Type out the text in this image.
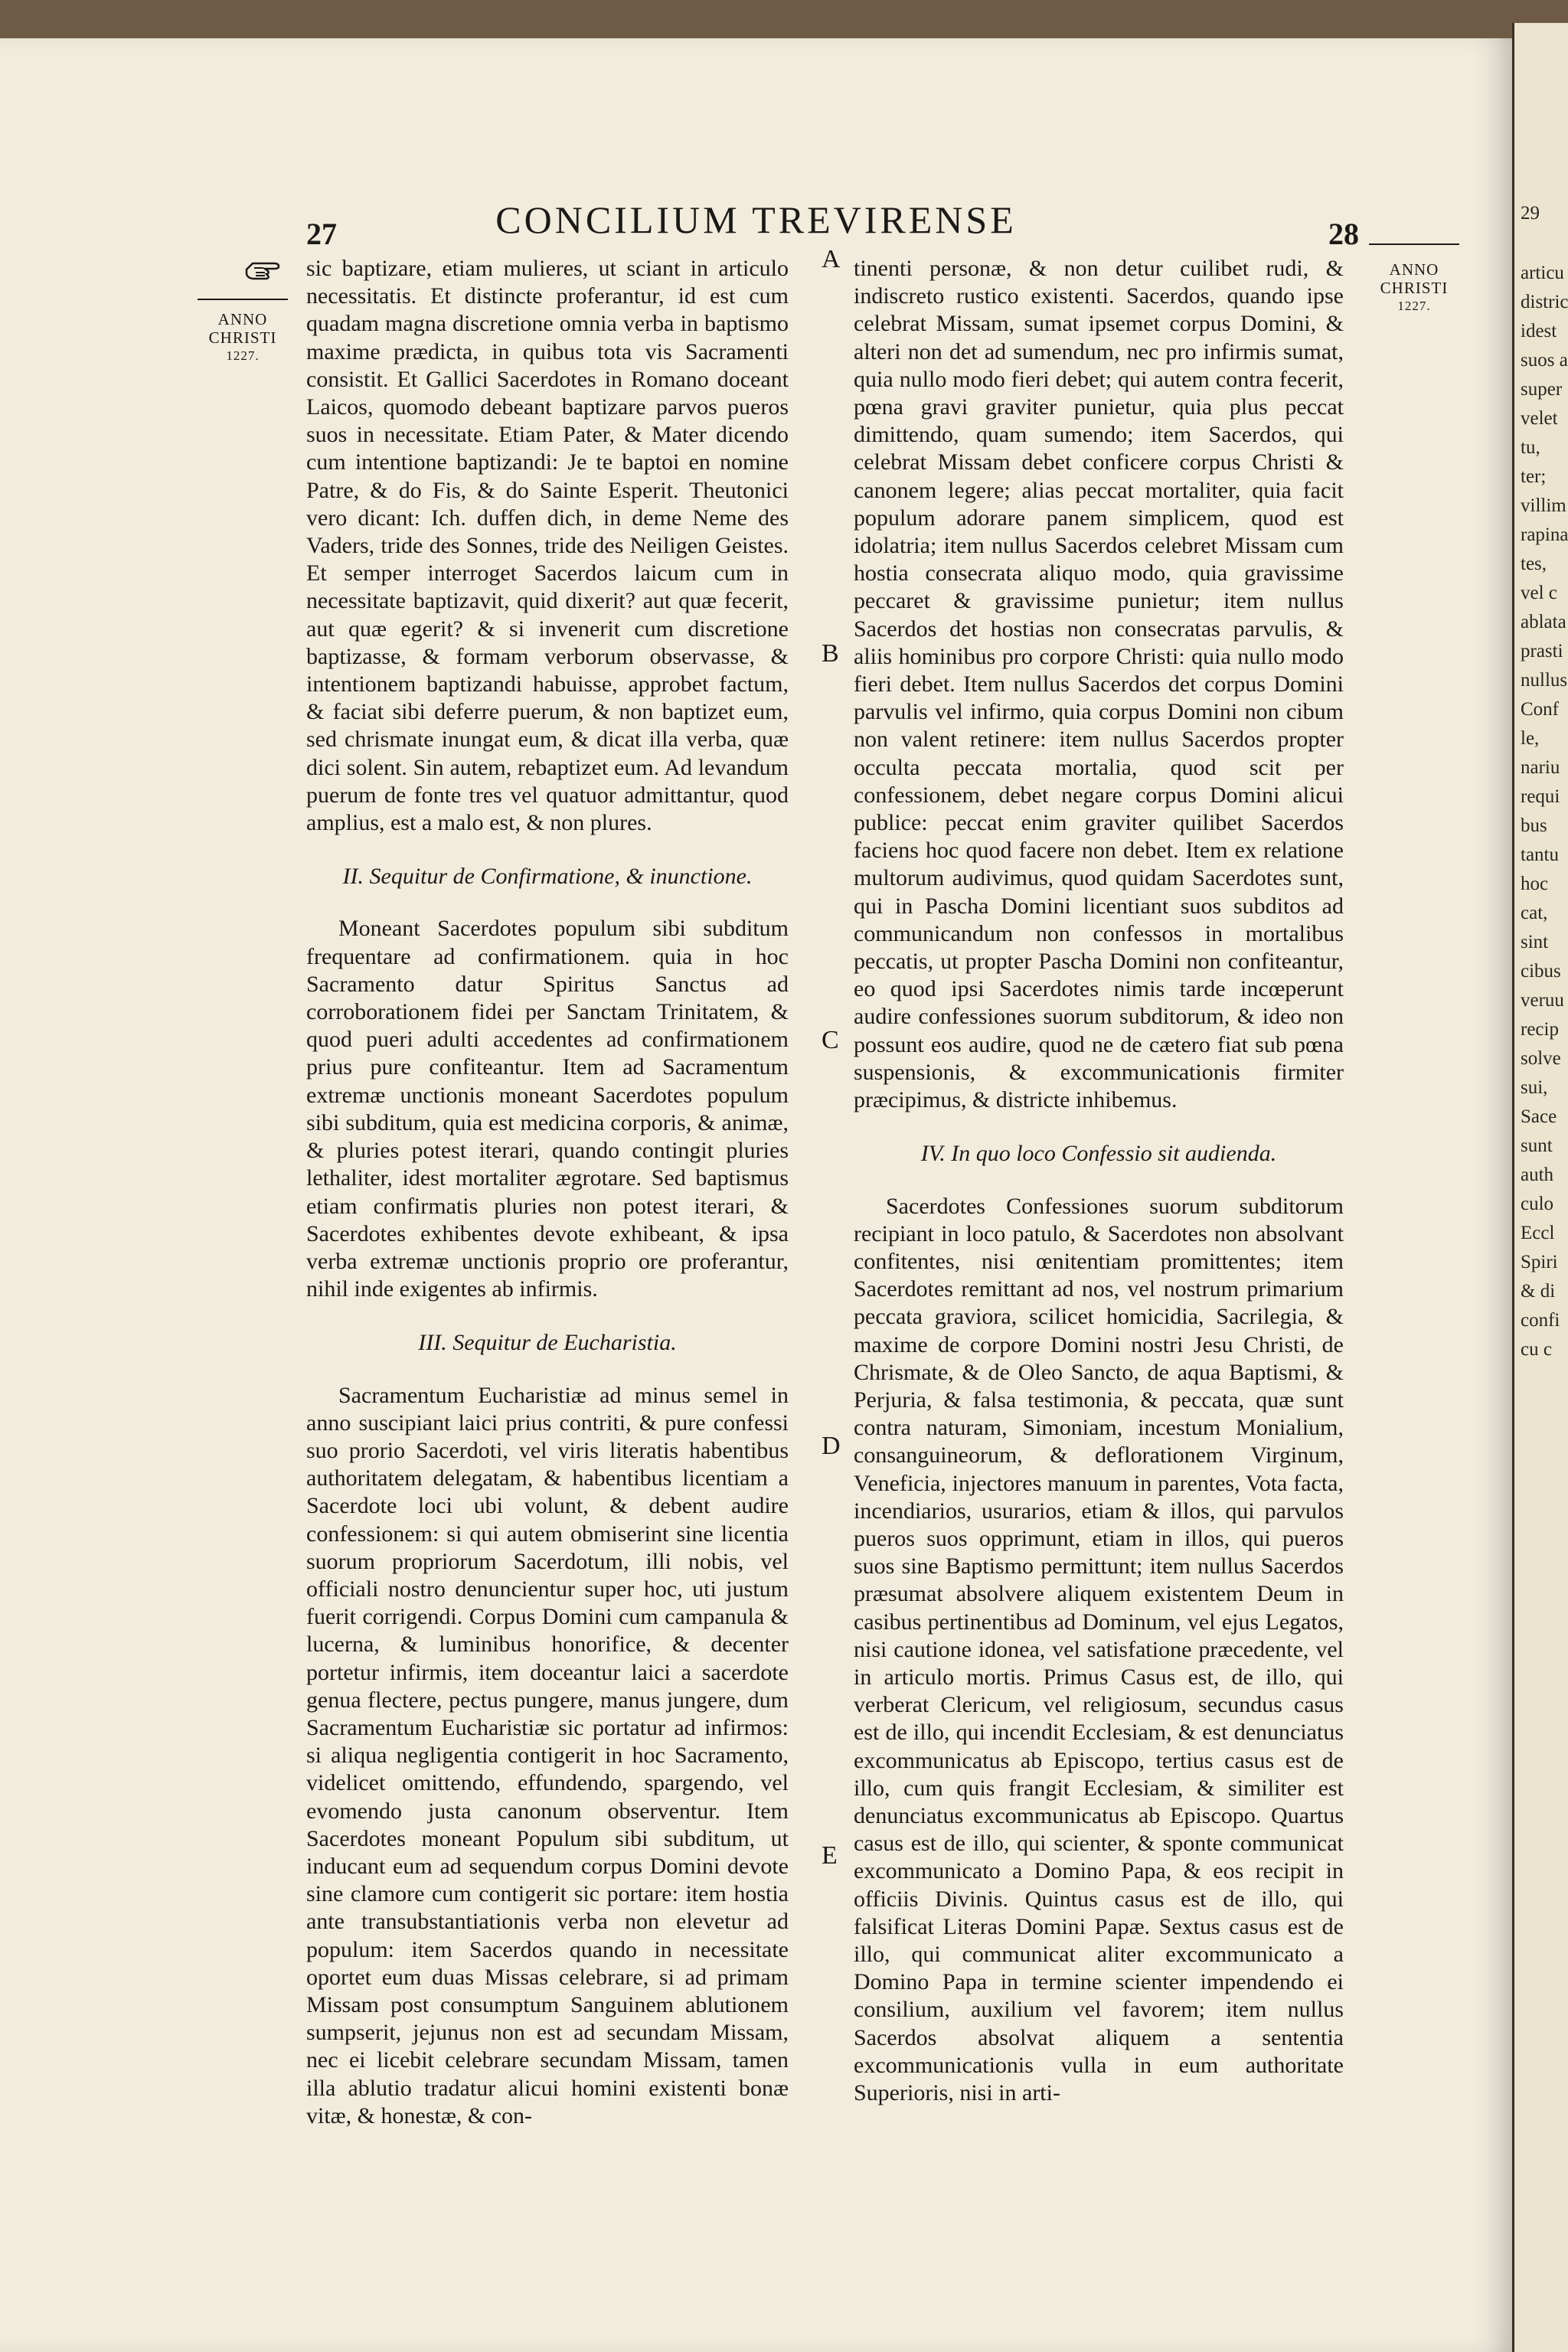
27	CONCILIUM TREVIRENSE	28
ANNO
CHRISTI
1227.
ANNO
CHRISTI
1227.
A
B
C
D
E

sic baptizare, etiam mulieres, ut sciant in articulo necessitatis. Et distincte proferantur, id est cum quadam magna discretione omnia verba in baptismo maxime prædicta, in quibus tota vis Sacramenti consistit. Et Gallici Sacerdotes in Romano doceant Laicos, quomodo debeant baptizare parvos pueros suos in necessitate. Etiam Pater, & Mater dicendo cum intentione baptizandi: Je te baptoi en nomine Patre, & do Fis, & do Sainte Esperit. Theutonici vero dicant: Ich. duffen dich, in deme Neme des Vaders, tride des Sonnes, tride des Neiligen Geistes. Et semper interroget Sacerdos laicum cum in necessitate baptizavit, quid dixerit? aut quæ fecerit, aut quæ egerit? & si invenerit cum discretione baptizasse, & formam verborum observasse, & intentionem baptizandi habuisse, approbet factum, & faciat sibi deferre puerum, & non baptizet eum, sed chrismate inungat eum, & dicat illa verba, quæ dici solent. Sin autem, rebaptizet eum. Ad levandum puerum de fonte tres vel quatuor admittantur, quod amplius, est a malo est, & non plures.

II. Sequitur de Confirmatione, & inunctione.

Moneant Sacerdotes populum sibi subditum frequentare ad confirmationem. quia in hoc Sacramento datur Spiritus Sanctus ad corroborationem fidei per Sanctam Trinitatem, & quod pueri adulti accedentes ad confirmationem prius pure confiteantur. Item ad Sacramentum extremæ unctionis moneant Sacerdotes populum sibi subditum, quia est medicina corporis, & animæ, & pluries potest iterari, quando contingit pluries lethaliter, idest mortaliter ægrotare. Sed baptismus etiam confirmatis pluries non potest iterari, & Sacerdotes exhibentes devote exhibeant, & ipsa verba extremæ unctionis proprio ore proferantur, nihil inde exigentes ab infirmis.

III. Sequitur de Eucharistia.

Sacramentum Eucharistiæ ad minus semel in anno suscipiant laici prius contriti, & pure confessi suo prorio Sacerdoti, vel viris literatis habentibus authoritatem delegatam, & habentibus licentiam a Sacerdote loci ubi volunt, & debent audire confessionem: si qui autem obmiserint sine licentia suorum propriorum Sacerdotum, illi nobis, vel officiali nostro denuncientur super hoc, uti justum fuerit corrigendi. Corpus Domini cum campanula & lucerna, & luminibus honorifice, & decenter portetur infirmis, item doceantur laici a sacerdote genua flectere, pectus pungere, manus jungere, dum Sacramentum Eucharistiæ sic portatur ad infirmos: si aliqua negligentia contigerit in hoc Sacramento, videlicet omittendo, effundendo, spargendo, vel evomendo justa canonum observentur. Item Sacerdotes moneant Populum sibi subditum, ut inducant eum ad sequendum corpus Domini devote sine clamore cum contigerit sic portare: item hostia ante transubstantiationis verba non elevetur ad populum: item Sacerdos quando in necessitate oportet eum duas Missas celebrare, si ad primam Missam post consumptum Sanguinem ablutionem sumpserit, jejunus non est ad secundam Missam, nec ei licebit celebrare secundam Missam, tamen illa ablutio tradatur alicui homini existenti bonæ vitæ, & honestæ, & con-

tinenti personæ, & non detur cuilibet rudi, & indiscreto rustico existenti. Sacerdos, quando ipse celebrat Missam, sumat ipsemet corpus Domini, & alteri non det ad sumendum, nec pro infirmis sumat, quia nullo modo fieri debet; qui autem contra fecerit, pœna gravi graviter punietur, quia plus peccat dimittendo, quam sumendo; item Sacerdos, qui celebrat Missam debet conficere corpus Christi & canonem legere; alias peccat mortaliter, quia facit populum adorare panem simplicem, quod est idolatria; item nullus Sacerdos celebret Missam cum hostia consecrata aliquo modo, quia gravissime peccaret & gravissime punietur; item nullus Sacerdos det hostias non consecratas parvulis, & aliis hominibus pro corpore Christi: quia nullo modo fieri debet. Item nullus Sacerdos det corpus Domini parvulis vel infirmo, quia corpus Domini non cibum non valent retinere: item nullus Sacerdos propter occulta peccata mortalia, quod scit per confessionem, debet negare corpus Domini alicui publice: peccat enim graviter quilibet Sacerdos faciens hoc quod facere non debet. Item ex relatione multorum audivimus, quod quidam Sacerdotes sunt, qui in Pascha Domini licentiant suos subditos ad communicandum non confessos in mortalibus peccatis, ut propter Pascha Domini non confiteantur, eo quod ipsi Sacerdotes nimis tarde incœperunt audire confessiones suorum subditorum, & ideo non possunt eos audire, quod ne de cætero fiat sub pœna suspensionis, & excommunicationis firmiter præcipimus, & districte inhibemus.

IV. In quo loco Confessio sit audienda.

Sacerdotes Confessiones suorum subditorum recipiant in loco patulo, & Sacerdotes non absolvant confitentes, nisi œnitentiam promittentes; item Sacerdotes remittant ad nos, vel nostrum primarium peccata graviora, scilicet homicidia, Sacrilegia, & maxime de corpore Domini nostri Jesu Christi, de Chrismate, & de Oleo Sancto, de aqua Baptismi, & Perjuria, & falsa testimonia, & peccata, quæ sunt contra naturam, Simoniam, incestum Monialium, consanguineorum, & deflorationem Virginum, Veneficia, injectores manuum in parentes, Vota facta, incendiarios, usurarios, etiam & illos, qui parvulos pueros suos opprimunt, etiam in illos, qui pueros suos sine Baptismo permittunt; item nullus Sacerdos præsumat absolvere aliquem existentem Deum in casibus pertinentibus ad Dominum, vel ejus Legatos, nisi cautione idonea, vel satisfatione præcedente, vel in articulo mortis. Primus Casus est, de illo, qui verberat Clericum, vel religiosum, secundus casus est de illo, qui incendit Ecclesiam, & est denunciatus excommunicatus ab Episcopo, tertius casus est de illo, cum quis frangit Ecclesiam, & similiter est denunciatus excommunicatus ab Episcopo. Quartus casus est de illo, qui scienter, & sponte communicat excommunicato a Domino Papa, & eos recipit in officiis Divinis. Quintus casus est de illo, qui falsificat Literas Domini Papæ. Sextus casus est de illo, qui communicat aliter excommunicato a Domino Papa in termine scienter impendendo ei consilium, auxilium vel favorem; item nullus Sacerdos absolvat aliquem a sententia excommunicationis vulla in eum authoritate Superioris, nisi in arti-

29
articu
distric
idest
suos a
super
velet
tu,
ter;
villim
rapina
tes,
vel c
ablata
prasti
nullus
Conf
le,
nariu
requi
bus
tantu
hoc
cat,
sint
cibus
veruu
recip
solve
sui,
Sace
sunt
auth
culo
Eccl
Spiri
& di
confi
cu c
